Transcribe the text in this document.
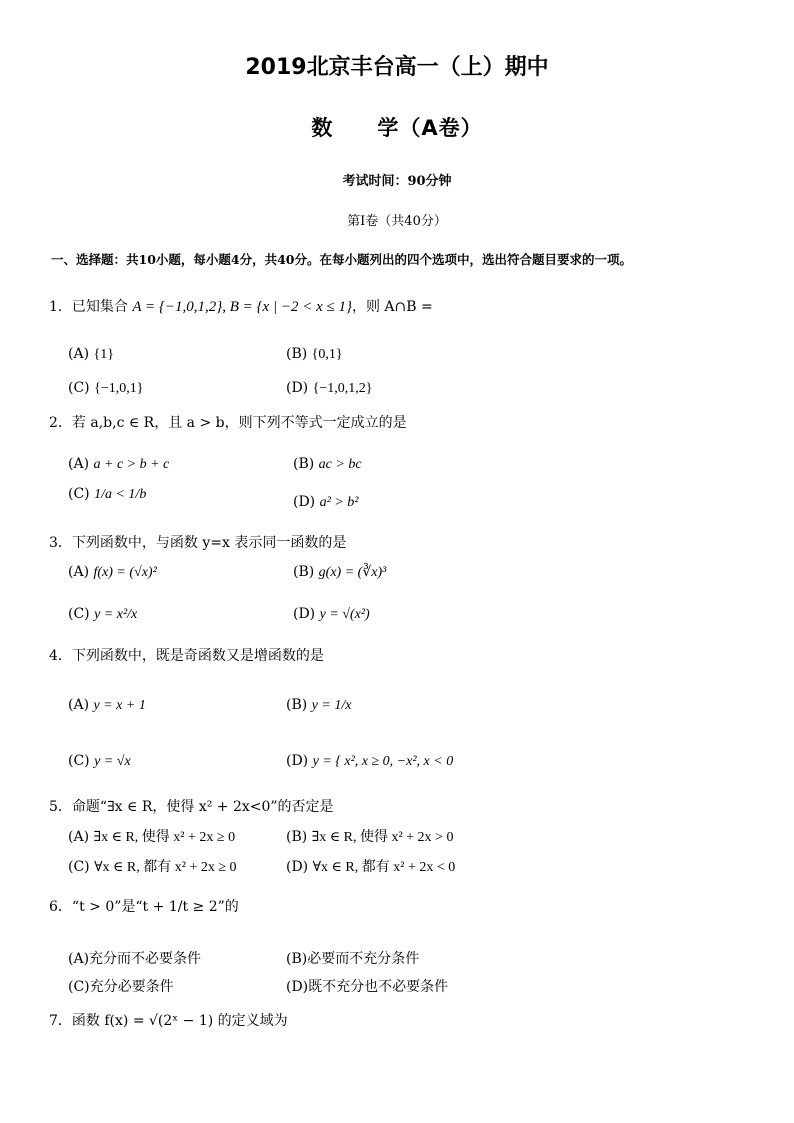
2019北京丰台高一（上）期中
数　　学（A卷）
考试时间：90分钟
第Ⅰ卷（共40分）
一、选择题：共10小题，每小题4分，共40分。在每小题列出的四个选项中，选出符合题目要求的一项。
1．已知集合 A = {−1,0,1,2}, B = {x | −2 < x ≤ 1}，则 A∩B =
(A) {1}	(B) {0,1}
(C) {−1,0,1}	(D) {−1,0,1,2}
2．若 a,b,c ∈ R，且 a > b，则下列不等式一定成立的是
(A) a + c > b + c	(B) ac > bc
(C) 1/a < 1/b	(D) a² > b²
3．下列函数中，与函数 y=x 表示同一函数的是
(A) f(x) = (√x)²	(B) g(x) = (∛x)³
(C) y = x²/x	(D) y = √(x²)
4．下列函数中，既是奇函数又是增函数的是
(A) y = x + 1	(B) y = 1/x
(C) y = √x	(D) y = { x², x ≥ 0, −x², x < 0
5．命题“∃x ∈ R，使得 x² + 2x<0”的否定是
(A) ∃x ∈ R, 使得 x² + 2x ≥ 0	(B) ∃x ∈ R, 使得 x² + 2x > 0
(C) ∀x ∈ R, 都有 x² + 2x ≥ 0	(D) ∀x ∈ R, 都有 x² + 2x < 0
6．“t > 0”是“t + 1/t ≥ 2”的
(A)充分而不必要条件	(B)必要而不充分条件
(C)充分必要条件	(D)既不充分也不必要条件
7．函数 f(x) = √(2ˣ − 1) 的定义域为
